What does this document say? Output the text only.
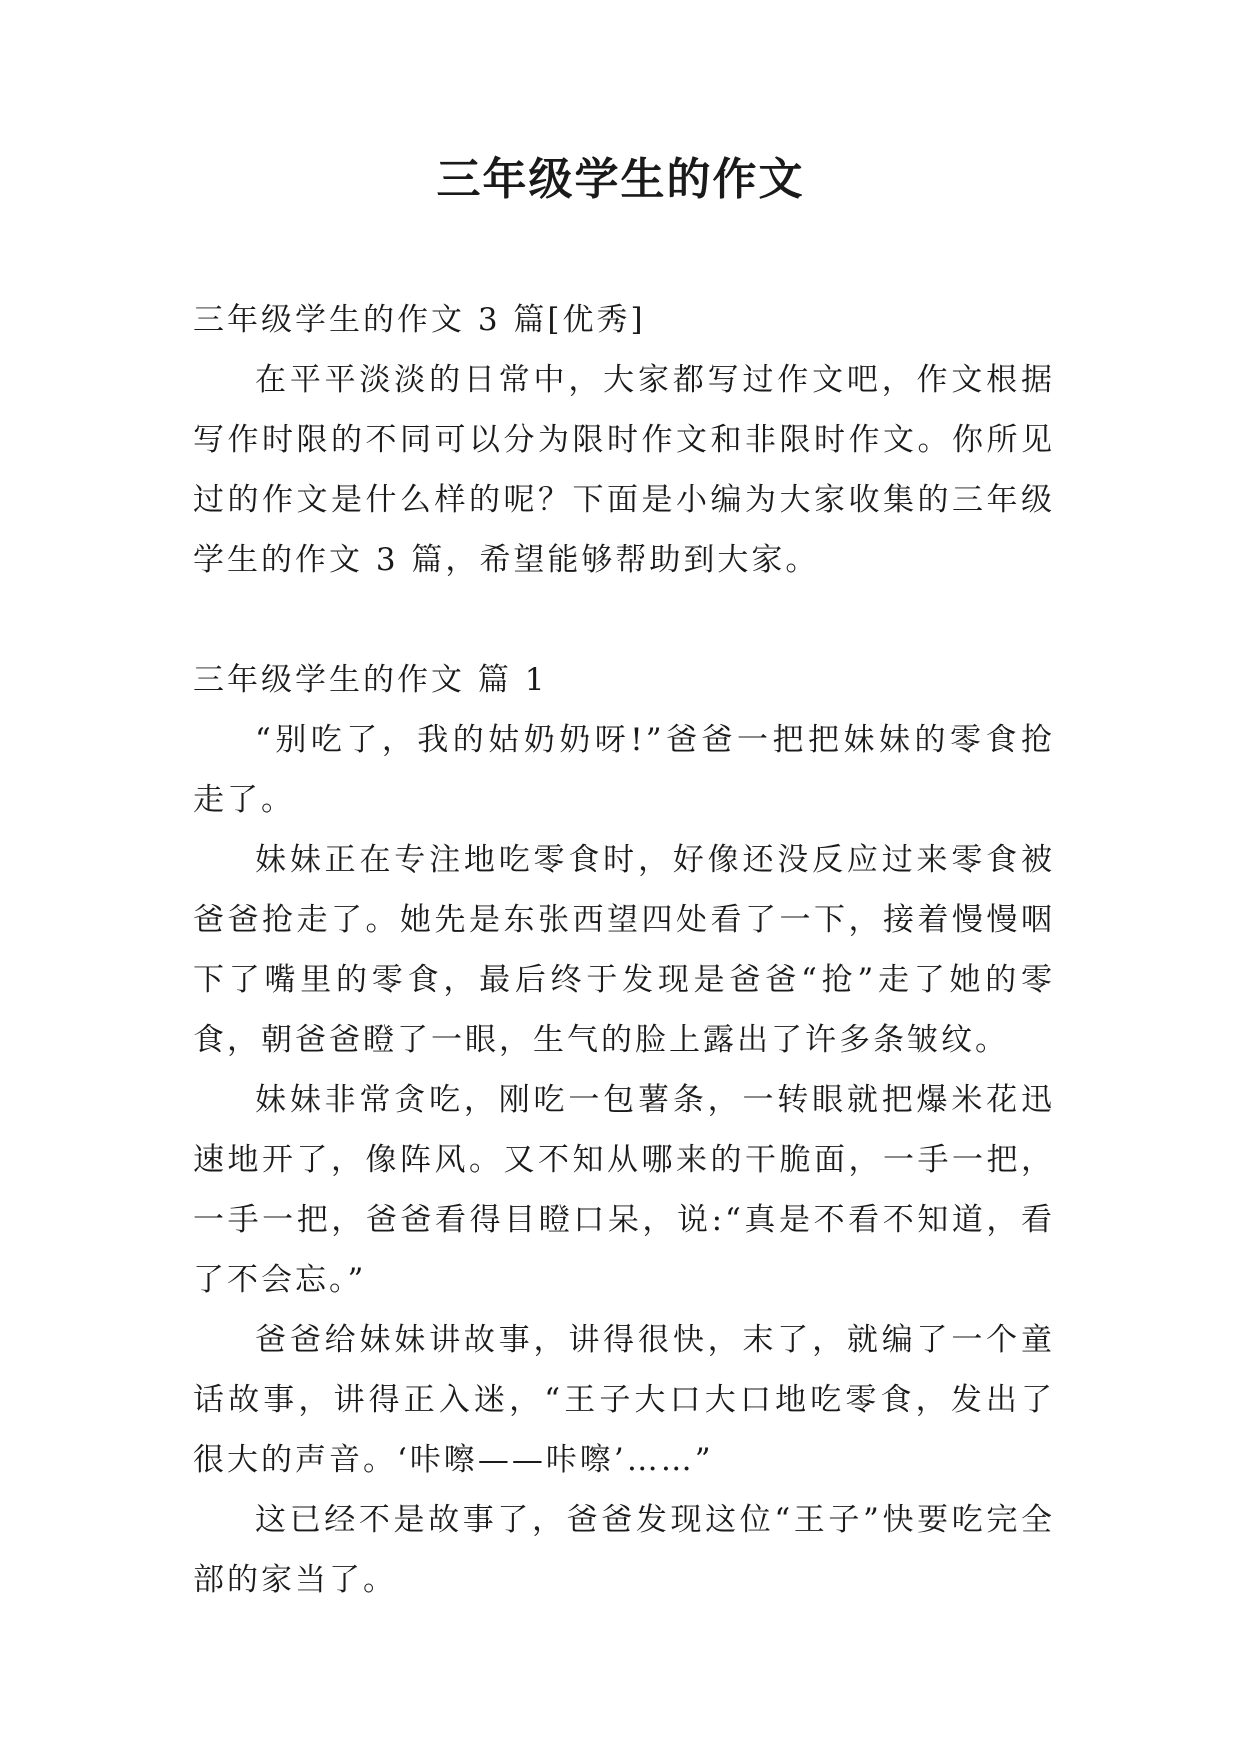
三年级学生的作文

三年级学生的作文 3 篇[优秀]

在平平淡淡的日常中，大家都写过作文吧，作文根据写作时限的不同可以分为限时作文和非限时作文。你所见过的作文是什么样的呢？下面是小编为大家收集的三年级学生的作文 3 篇，希望能够帮助到大家。

三年级学生的作文 篇 1

“别吃了，我的姑奶奶呀!”爸爸一把把妹妹的零食抢走了。

妹妹正在专注地吃零食时，好像还没反应过来零食被爸爸抢走了。她先是东张西望四处看了一下，接着慢慢咽下了嘴里的零食，最后终于发现是爸爸“抢”走了她的零食，朝爸爸瞪了一眼，生气的脸上露出了许多条皱纹。

妹妹非常贪吃，刚吃一包薯条，一转眼就把爆米花迅速地开了，像阵风。又不知从哪来的干脆面，一手一把，一手一把，爸爸看得目瞪口呆，说:“真是不看不知道，看了不会忘。”

爸爸给妹妹讲故事，讲得很快，末了，就编了一个童话故事，讲得正入迷，“王子大口大口地吃零食，发出了很大的声音。‘咔嚓——咔嚓’……”

这已经不是故事了，爸爸发现这位“王子”快要吃完全部的家当了。
